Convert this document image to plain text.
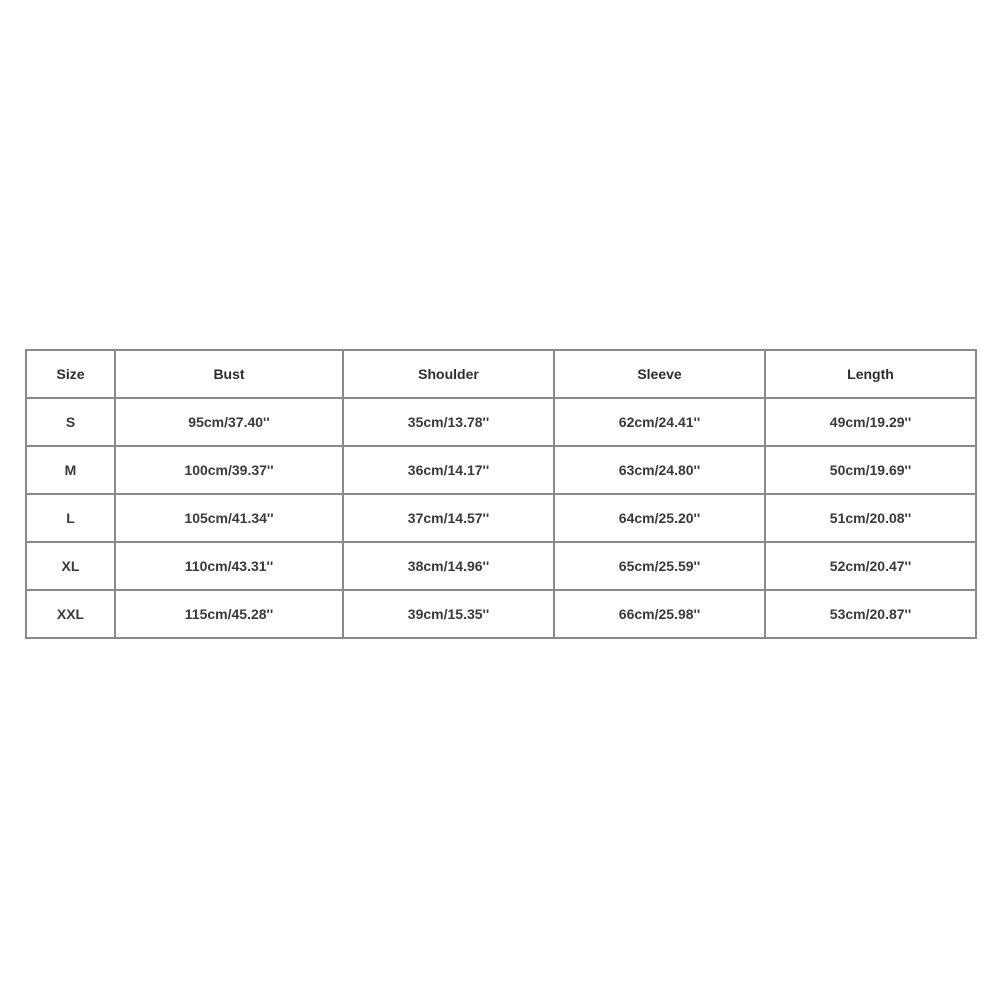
Size	Bust	Shoulder	Sleeve	Length
S	95cm/37.40''	35cm/13.78''	62cm/24.41''	49cm/19.29''
M	100cm/39.37''	36cm/14.17''	63cm/24.80''	50cm/19.69''
L	105cm/41.34''	37cm/14.57''	64cm/25.20''	51cm/20.08''
XL	110cm/43.31''	38cm/14.96''	65cm/25.59''	52cm/20.47''
XXL	115cm/45.28''	39cm/15.35''	66cm/25.98''	53cm/20.87''
